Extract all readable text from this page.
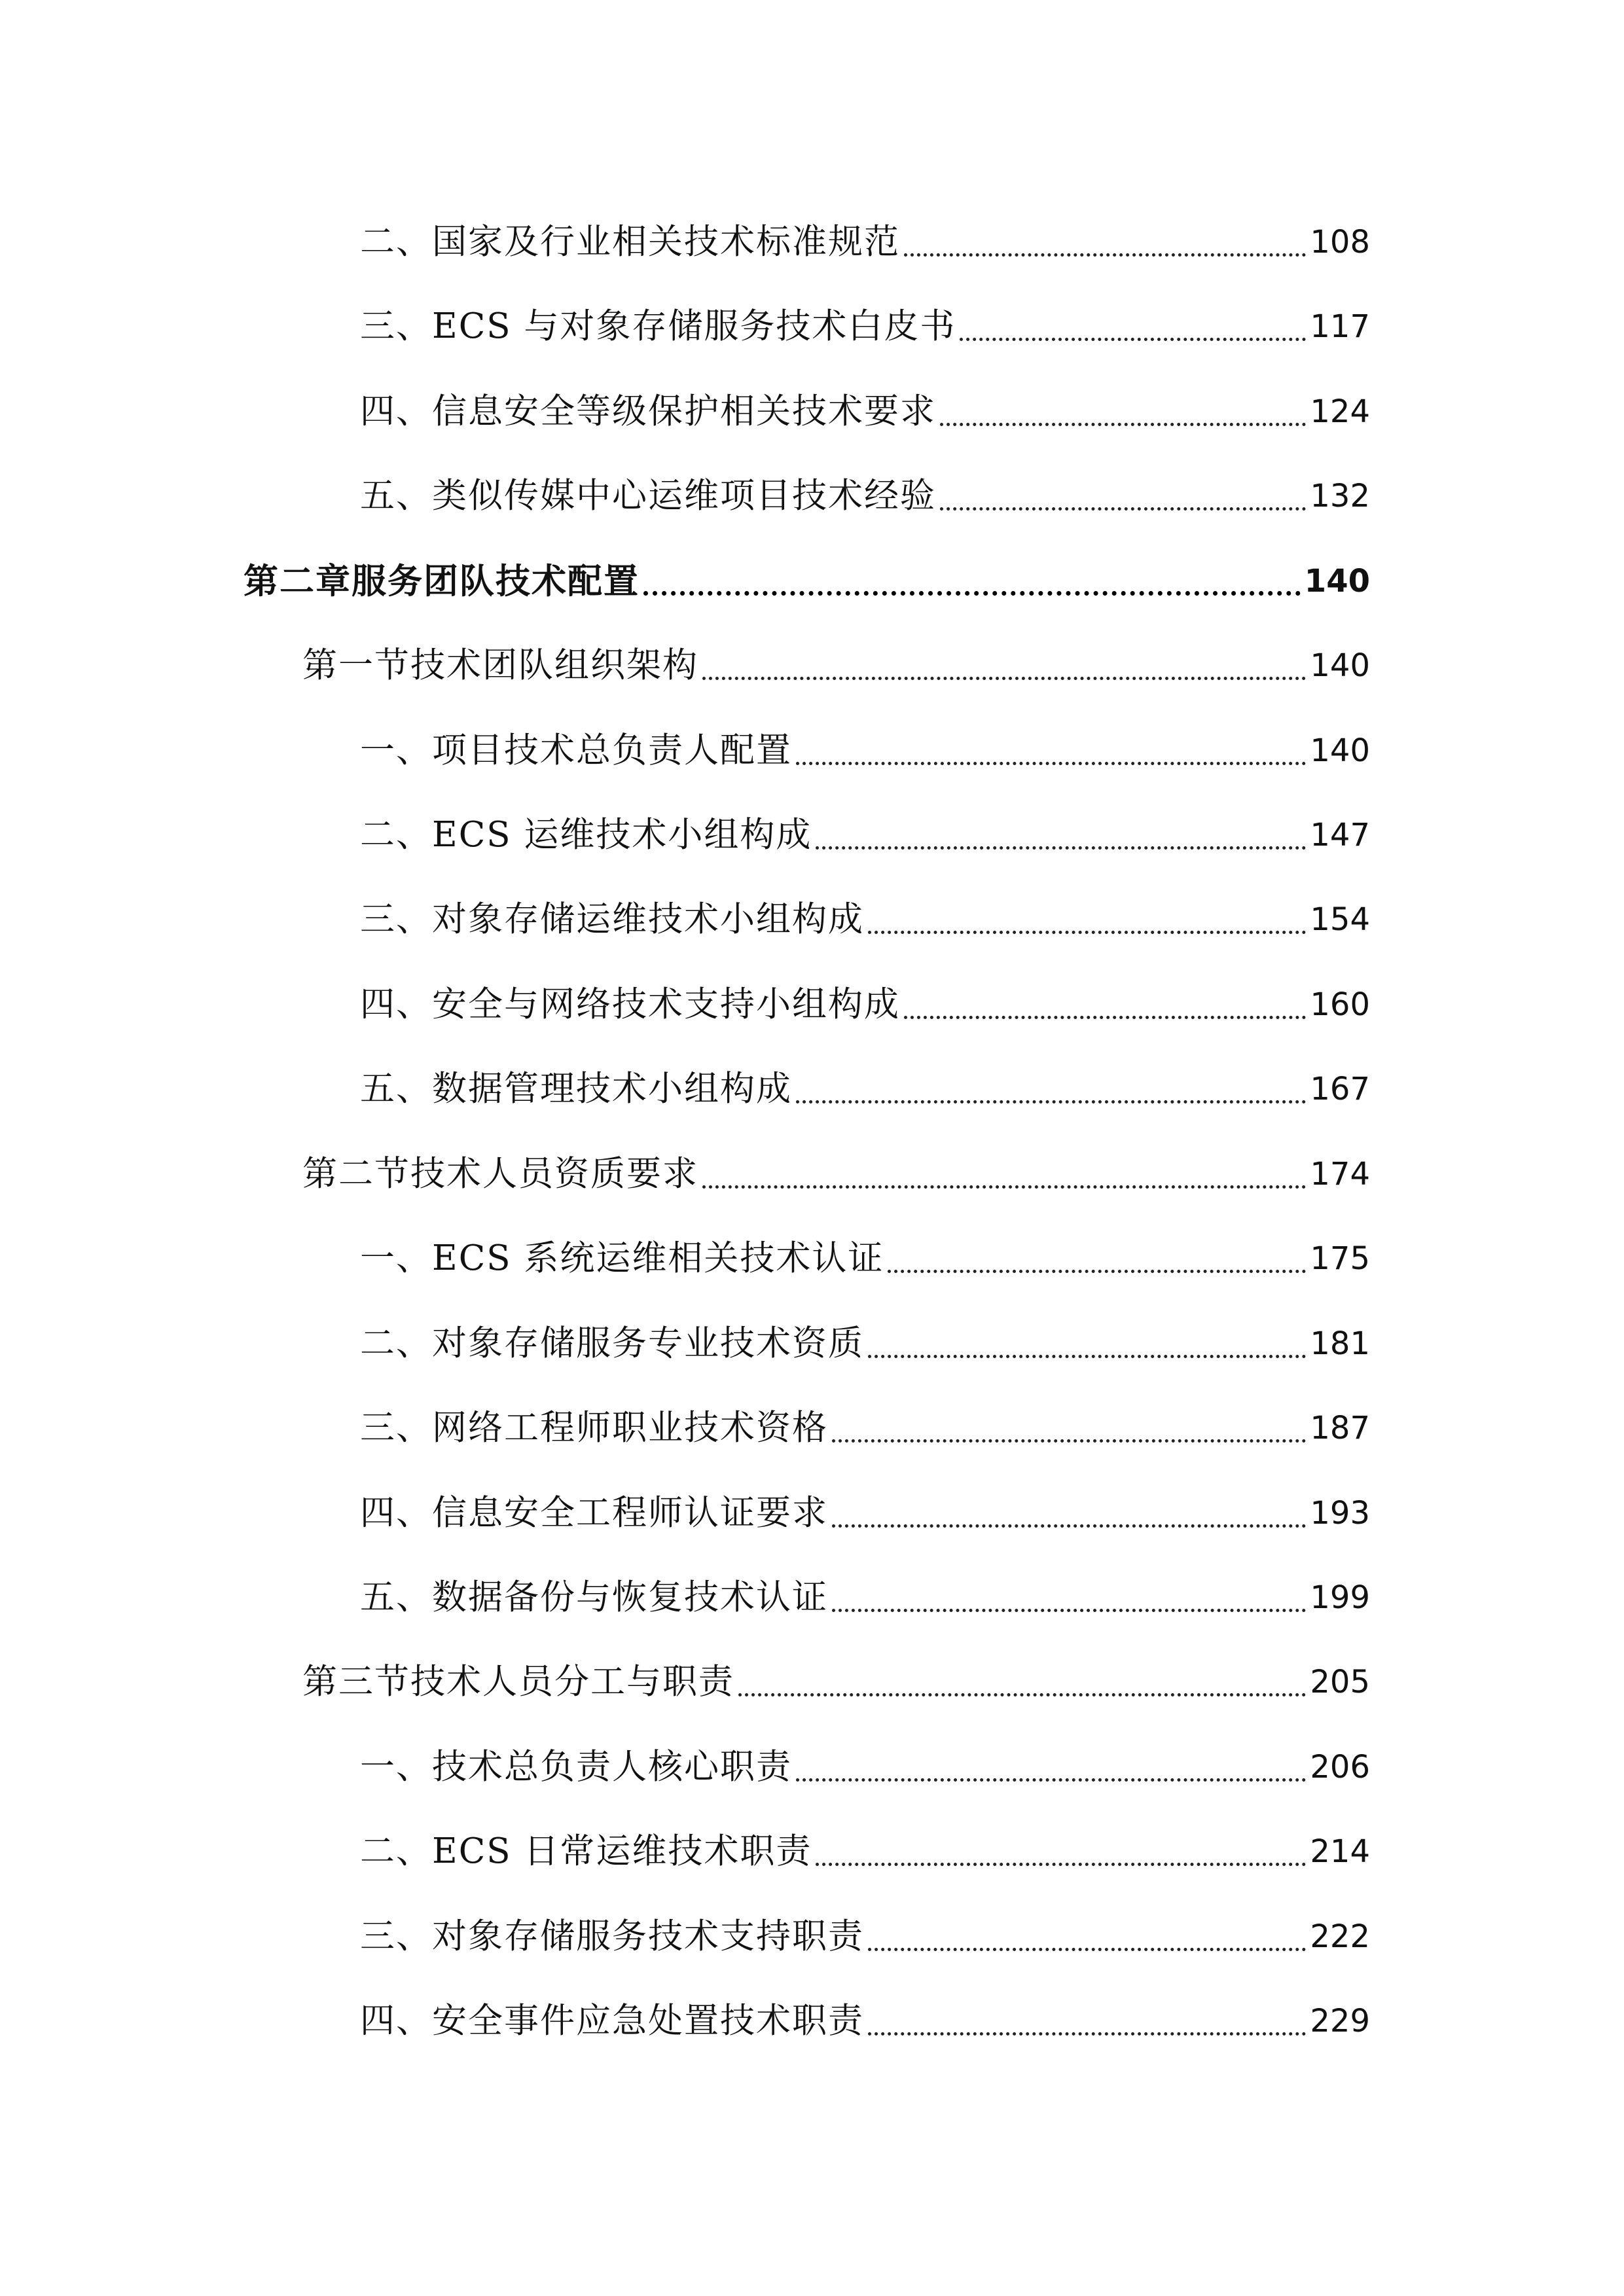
二、国家及行业相关技术标准规范	108
三、ECS 与对象存储服务技术白皮书	117
四、信息安全等级保护相关技术要求	124
五、类似传媒中心运维项目技术经验	132
第二章服务团队技术配置	140
第一节技术团队组织架构	140
一、项目技术总负责人配置	140
二、ECS 运维技术小组构成	147
三、对象存储运维技术小组构成	154
四、安全与网络技术支持小组构成	160
五、数据管理技术小组构成	167
第二节技术人员资质要求	174
一、ECS 系统运维相关技术认证	175
二、对象存储服务专业技术资质	181
三、网络工程师职业技术资格	187
四、信息安全工程师认证要求	193
五、数据备份与恢复技术认证	199
第三节技术人员分工与职责	205
一、技术总负责人核心职责	206
二、ECS 日常运维技术职责	214
三、对象存储服务技术支持职责	222
四、安全事件应急处置技术职责	229
